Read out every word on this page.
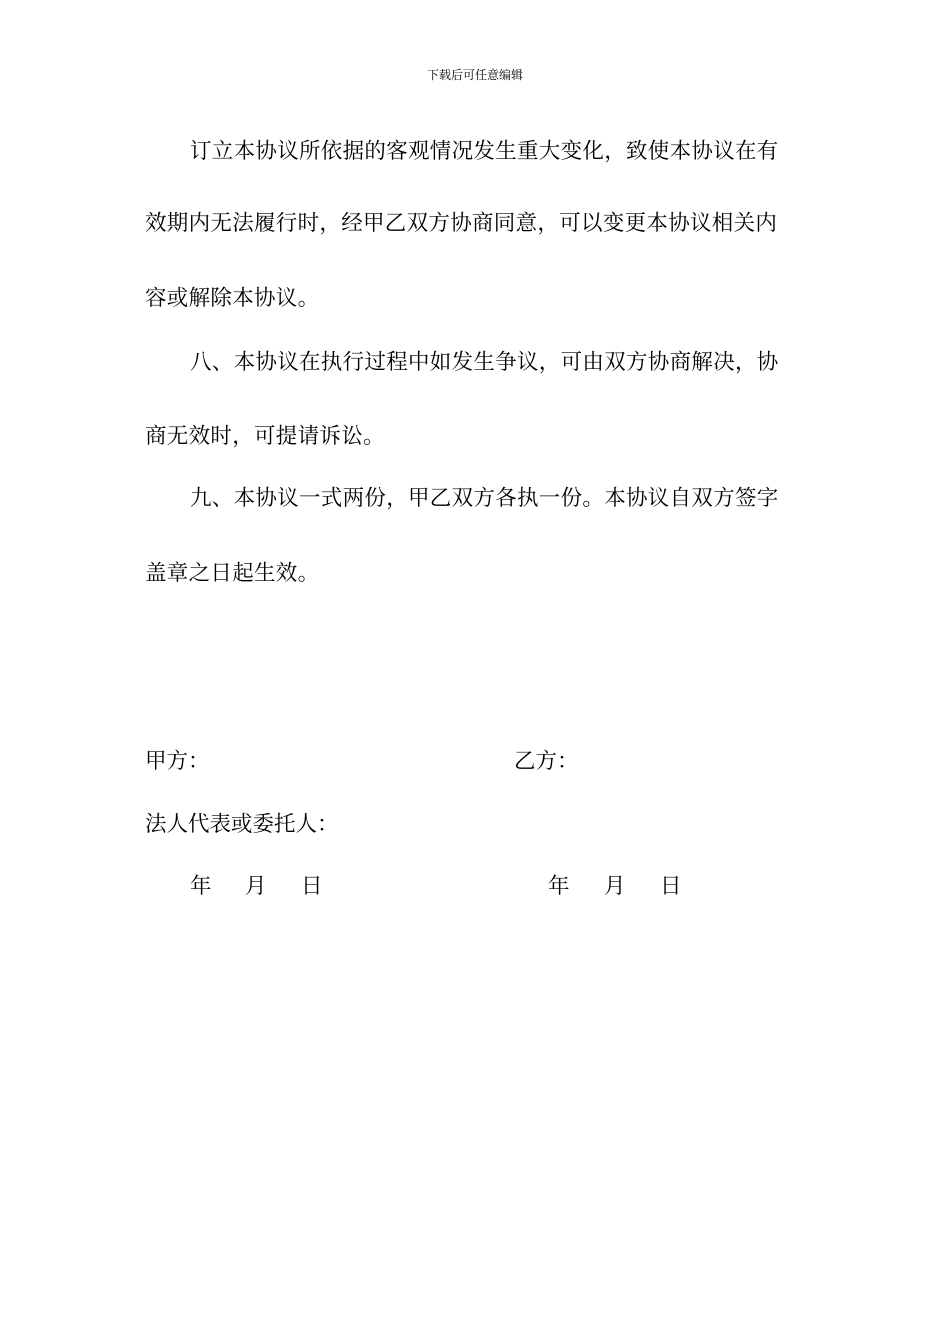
下载后可任意编辑
订立本协议所依据的客观情况发生重大变化，致使本协议在有
效期内无法履行时，经甲乙双方协商同意，可以变更本协议相关内
容或解除本协议。
八、本协议在执行过程中如发生争议，可由双方协商解决，协
商无效时，可提请诉讼。
九、本协议一式两份，甲乙双方各执一份。本协议自双方签字
盖章之日起生效。
甲方：	乙方：
法人代表或委托人：
年 月 日	年 月 日
